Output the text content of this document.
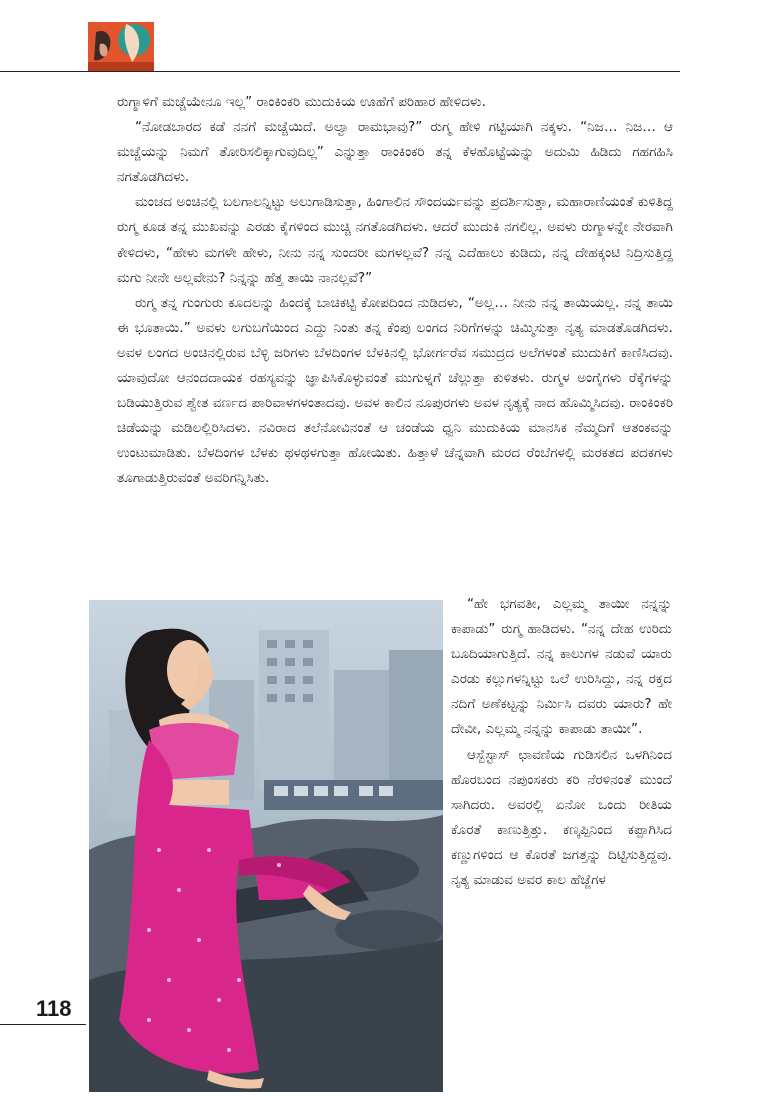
ರುಗ್ಮಾಳಿಗೆ ಮಚ್ಚೆಯೇನೂ ಇಲ್ಲ” ರಾಂಕಿಂಕರಿ ಮುದುಕಿಯ ಊಹೆಗೆ ಪರಿಹಾರ ಹೇಳಿದಳು.

“ನೋಡಬಾರದ ಕಡೆ ನನಗೆ ಮಚ್ಚೆಯಿದೆ. ಅಲ್ವಾ ರಾಮಭಾವು?” ರುಗ್ಮ ಹೇಳಿ ಗಟ್ಟಿಯಾಗಿ ನಕ್ಕಳು. “ನಿಜ… ನಿಜ… ಆ ಮಚ್ಚೆಯನ್ನು ನಿಮಗೆ ತೋರಿಸಲಿಕ್ಕಾಗುವುದಿಲ್ಲ” ಎನ್ನುತ್ತಾ ರಾಂಕಿಂಕರಿ ತನ್ನ ಕೆಳಹೊಟ್ಟೆಯನ್ನು ಅದುಮಿ ಹಿಡಿದು ಗಹಗಹಿಸಿ ನಗತೊಡಗಿದಳು.

ಮಂಚದ ಅಂಚಿನಲ್ಲಿ ಬಲಗಾಲನ್ನಿಟ್ಟು ಅಲುಗಾಡಿಸುತ್ತಾ, ಹಿಂಗಾಲಿನ ಸೌಂದರ್ಯವನ್ನು ಪ್ರದರ್ಶಿಸುತ್ತಾ, ಮಹಾರಾಣಿಯಂತೆ ಕುಳಿತಿದ್ದ ರುಗ್ಮ ಕೂಡ ತನ್ನ ಮುಖವನ್ನು ಎರಡು ಕೈಗಳಿಂದ ಮುಚ್ಚಿ ನಗತೊಡಗಿದಳು. ಆದರೆ ಮುದುಕಿ ನಗಲಿಲ್ಲ. ಅವಳು ರುಗ್ಮಾಳನ್ನೇ ನೇರವಾಗಿ ಕೇಳಿದಳು, “ಹೇಳು ಮಗಳೇ ಹೇಳು, ನೀನು ನನ್ನ ಸುಂದರೀ ಮಗಳಲ್ಲವೆ? ನನ್ನ ಎದೆಹಾಲು ಕುಡಿದು, ನನ್ನ ದೇಹಕ್ಕಂಟಿ ನಿದ್ರಿಸುತ್ತಿದ್ದ ಮಗು ನೀನೇ ಅಲ್ಲವೇನು? ನಿನ್ನನ್ನು ಹೆತ್ತ ತಾಯಿ ನಾನಲ್ಲವೆ?”

ರುಗ್ಮ ತನ್ನ ಗುಂಗುರು ಕೂದಲನ್ನು ಹಿಂದಕ್ಕೆ ಬಾಚಿಕಟ್ಟಿ ಕೋಪದಿಂದ ನುಡಿದಳು, “ಅಲ್ಲ… ನೀನು ನನ್ನ ತಾಯಿಯಲ್ಲ. ನನ್ನ ತಾಯಿ ಈ ಭೂತಾಯಿ.” ಅವಳು ಲಗುಬಗೆಯಿಂದ ಎದ್ದು ನಿಂತು ತನ್ನ ಕೆಂಪು ಲಂಗದ ನಿರಿಗೆಗಳನ್ನು ಚಿಮ್ಮಿಸುತ್ತಾ ನೃತ್ಯ ಮಾಡತೊಡಗಿದಳು. ಅವಳ ಲಂಗದ ಅಂಚಿನಲ್ಲಿರುವ ಬೆಳ್ಳಿ ಜರಿಗಳು ಬೆಳದಿಂಗಳ ಬೆಳಕಿನಲ್ಲಿ ಭೋರ್ಗರೆವ ಸಮುದ್ರದ ಅಲೆಗಳಂತೆ ಮುದುಕಿಗೆ ಕಾಣಿಸಿದವು. ಯಾವುದೋ ಆನಂದದಾಯಕ ರಹಸ್ಯವನ್ನು ಜ್ಞಾಪಿಸಿಕೊಳ್ಳುವಂತೆ ಮುಗುಳ್ನಗೆ ಚೆಲ್ಲುತ್ತಾ ಕುಳಿತಳು. ರುಗ್ಮಳ ಅಂಗೈಗಳು ರೆಕ್ಕೆಗಳನ್ನು ಬಡಿಯುತ್ತಿರುವ ಶ್ವೇತ ವರ್ಣದ ಪಾರಿವಾಳಗಳಂತಾದವು. ಅವಳ ಕಾಲಿನ ನೂಪುರಗಳು ಅವಳ ನೃತ್ಯಕ್ಕೆ ನಾದ ಹೊಮ್ಮಿಸಿದವು. ರಾಂಕಿಂಕರಿ ಚಿಡೆಯನ್ನು ಮಡಿಲಲ್ಲಿರಿಸಿದಳು. ನವಿರಾದ ತಲೆನೋವಿನಂತೆ ಆ ಚಂಡೆಯ ಧ್ವನಿ ಮುದುಕಿಯ ಮಾನಸಿಕ ನೆಮ್ಮದಿಗೆ ಆತಂಕವನ್ನು ಉಂಟುಮಾಡಿತು. ಬೆಳದಿಂಗಳ ಬೆಳಕು ಥಳಥಳಗುತ್ತಾ ಹೋಯಿತು. ಹಿತ್ತಾಳೆ ಚೆನ್ನವಾಗಿ ಮರದ ರೆಂಬೆಗಳಲ್ಲಿ ಮರಕತದ ಪದಕಗಳು ತೂಗಾಡುತ್ತಿರುವಂತೆ ಅವರಿಗನ್ನಿಸಿತು.

“ಹೇ ಭಗವತೀ, ಎಲ್ಲಮ್ಮ ತಾಯೀ ನನ್ನನ್ನು ಕಾಪಾಡು” ರುಗ್ಮ ಹಾಡಿದಳು. “ನನ್ನ ದೇಹ ಉರಿದು ಬೂದಿಯಾಗುತ್ತಿದೆ. ನನ್ನ ಕಾಲುಗಳ ನಡುವೆ ಯಾರು ಎರಡು ಕಲ್ಲುಗಳನ್ನಿಟ್ಟು ಒಲೆ ಉರಿಸಿದ್ದು, ನನ್ನ ರಕ್ತದ ನದಿಗೆ ಅಣೆಕಟ್ಟನ್ನು ನಿರ್ಮಿಸಿ ದವರು ಯಾರು? ಹೇ ದೇವೀ, ಎಲ್ಲಮ್ಮ ನನ್ನನ್ನು ಕಾಪಾಡು ತಾಯೀ”.

ಆಸ್ಬೆಸ್ಟಾಸ್ ಛಾವಣಿಯ ಗುಡಿಸಲಿನ ಒಳಗಿನಿಂದ ಹೊರಬಂದ ನಪುಂಸಕರು ಕರಿ ನೆರಳಿನಂತೆ ಮುಂದೆ ಸಾಗಿದರು. ಅವರಲ್ಲಿ ಏನೋ ಒಂದು ರೀತಿಯ ಕೊರತೆ ಕಾಣುತ್ತಿತ್ತು. ಕಣ್ಕಪ್ಪಿನಿಂದ ಕಪ್ಪಾಗಿಸಿದ ಕಣ್ಣುಗಳಿಂದ ಆ ಕೊರತೆ ಜಗತ್ತನ್ನು ದಿಟ್ಟಿಸುತ್ತಿದ್ದವು. ನೃತ್ಯ ಮಾಡುವ ಅವರ ಕಾಲ ಹೆಜ್ಜೆಗಳ

118
